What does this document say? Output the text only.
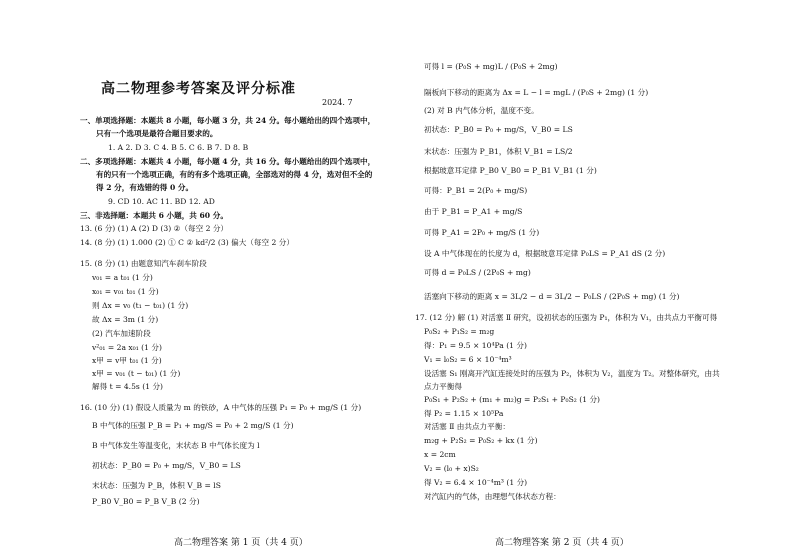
高二物理参考答案及评分标准
2024. 7
一、单项选择题：本题共 8 小题，每小题 3 分，共 24 分。每小题给出的四个选项中，
只有一个选项是最符合题目要求的。
1. A 2. D 3. C 4. B 5. C 6. B 7. D 8. B
二、多项选择题：本题共 4 小题，每小题 4 分，共 16 分。每小题给出的四个选项中，
有的只有一个选项正确，有的有多个选项正确，全部选对的得 4 分，选对但不全的
得 2 分，有选错的得 0 分。
9. CD 10. AC 11. BD 12. AD
三、非选择题：本题共 6 小题，共 60 分。
13. (6 分) (1) A (2) D (3) ②（每空 2 分）
14. (8 分) (1) 1.000 (2) ① C ② kd²/2 (3) 偏大（每空 2 分）
15. (8 分) (1) 由题意知汽车刹车阶段
v₀₁ = a t₀₁ (1 分)
x₀₁ = v₀₁ t₀₁ (1 分)
则 Δx = v₀ (t₁ − t₀₁) (1 分)
故 Δx = 3m (1 分)
(2) 汽车加速阶段
v²₀₁ = 2a x₀₁ (1 分)
x甲 = v甲 t₀₁ (1 分)
x甲 = v₀₁ (t − t₀₁) (1 分)
解得 t = 4.5s (1 分)
16. (10 分) (1) 假设人质量为 m 的铁砂，A 中气体的压强 P₁ = P₀ + mg/S (1 分)
B 中气体的压强 P_B = P₁ + mg/S = P₀ + 2 mg/S (1 分)
B 中气体发生等温变化，末状态 B 中气体长度为 l
初状态：P_B0 = P₀ + mg/S，V_B0 = LS
末状态：压强为 P_B，体积 V_B = lS
P_B0 V_B0 = P_B V_B (2 分)
高二物理答案 第 1 页（共 4 页）
可得 l = (P₀S + mg)L / (P₀S + 2mg)
隔板向下移动的距离为 Δx = L − l = mgL / (P₀S + 2mg) (1 分)
(2) 对 B 内气体分析，温度不变。
初状态：P_B0 = P₀ + mg/S，V_B0 = LS
末状态：压强为 P_B1，体积 V_B1 = LS/2
根据玻意耳定律 P_B0 V_B0 = P_B1 V_B1 (1 分)
可得：P_B1 = 2(P₀ + mg/S)
由于 P_B1 = P_A1 + mg/S
可得 P_A1 = 2P₀ + mg/S (1 分)
设 A 中气体现在的长度为 d，根据玻意耳定律 P₀LS = P_A1 dS (2 分)
可得 d = P₀LS / (2P₀S + mg)
活塞向下移动的距离 x = 3L/2 − d = 3L/2 − P₀LS / (2P₀S + mg) (1 分)
17. (12 分) 解 (1) 对活塞 Ⅱ 研究，设初状态的压强为 P₁，体积为 V₁，由共点力平衡可得
P₀S₂ + P₁S₂ = m₂g
得：P₁ = 9.5 × 10⁴Pa (1 分)
V₁ = l₀S₂ = 6 × 10⁻⁴m³
设活塞 S₁ 刚离开汽缸连接处时的压强为 P₂，体积为 V₂，温度为 T₂。对整体研究，由共
点力平衡得
P₀S₁ + P₂S₂ + (m₁ + m₂)g = P₂S₁ + P₀S₂ (1 分)
得 P₂ = 1.15 × 10⁵Pa
对活塞 Ⅱ 由共点力平衡：
m₂g + P₂S₂ = P₀S₂ + kx (1 分)
x = 2cm
V₂ = (l₀ + x)S₂
得 V₂ = 6.4 × 10⁻⁴m³ (1 分)
对汽缸内的气体，由理想气体状态方程：
高二物理答案 第 2 页（共 4 页）
